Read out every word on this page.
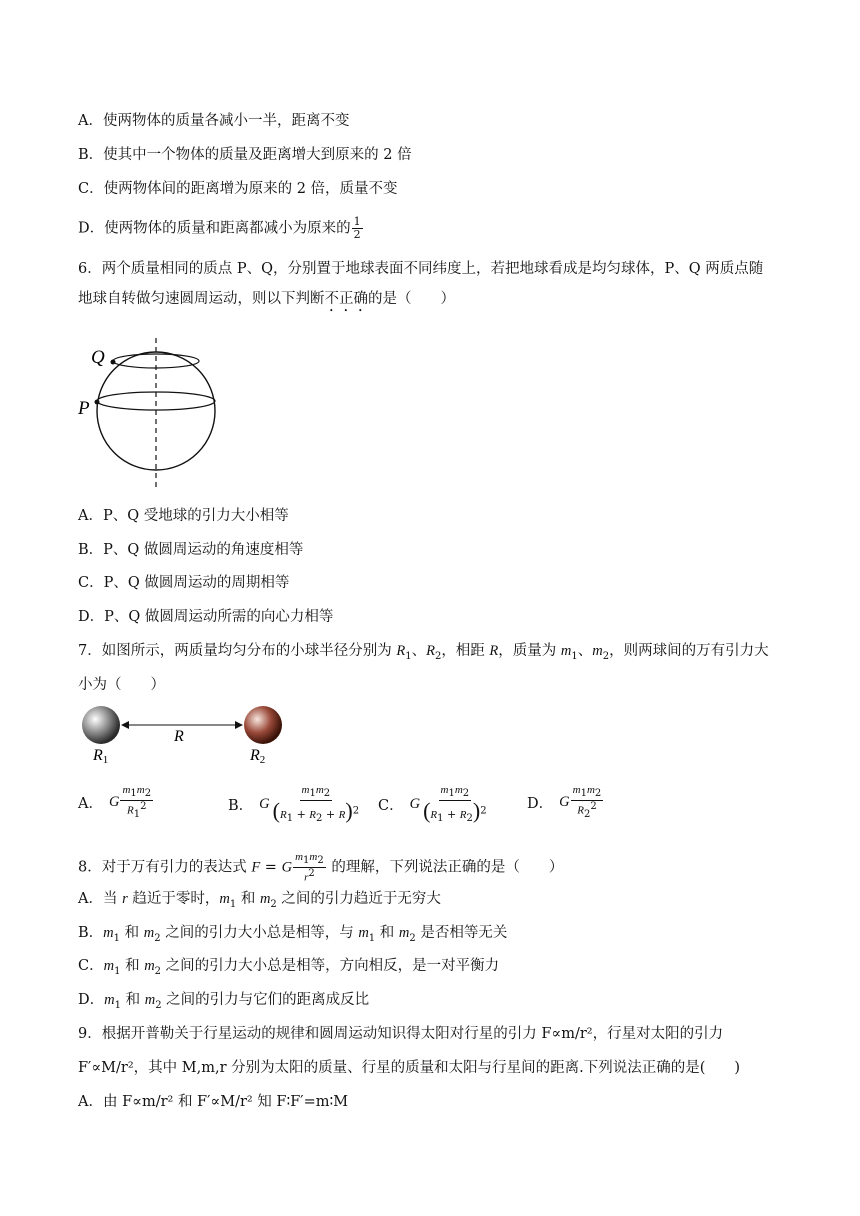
A．使两物体的质量各减小一半，距离不变
B．使其中一个物体的质量及距离增大到原来的 2 倍
C．使两物体间的距离增为原来的 2 倍，质量不变
D．使两物体的质量和距离都减小为原来的 $\frac{1}{2}$
6．两个质量相同的质点 P、Q，分别置于地球表面不同纬度上，若把地球看成是均匀球体，P、Q 两质点随
地球自转做匀速圆周运动，则以下判断不正确的是（　　）
Q
P
A．P、Q 受地球的引力大小相等
B．P、Q 做圆周运动的角速度相等
C．P、Q 做圆周运动的周期相等
D．P、Q 做圆周运动所需的向心力相等
7．如图所示，两质量均匀分布的小球半径分别为 $R_1$、$R_2$，相距 R，质量为 $m_1$、$m_2$，则两球间的万有引力大
小为（　　）
R
R1	R2
A． G $\frac{m_1m_2}{R_1^2}$	B． G $\frac{m_1m_2}{(R_1 + R_2 + R)^2}$ C． G $\frac{m_1m_2}{(R_1 + R_2)^2}$	D． G $\frac{m_1m_2}{R_2^2}$
8．对于万有引力的表达式 F = G $\frac{m_1m_2}{r^2}$ 的理解，下列说法正确的是（　　）
A．当 r 趋近于零时，$m_1$ 和 $m_2$ 之间的引力趋近于无穷大
B．$m_1$ 和 $m_2$ 之间的引力大小总是相等，与 $m_1$ 和 $m_2$ 是否相等无关
C．$m_1$ 和 $m_2$ 之间的引力大小总是相等，方向相反，是一对平衡力
D．$m_1$ 和 $m_2$ 之间的引力与它们的距离成反比
9．根据开普勒关于行星运动的规律和圆周运动知识得太阳对行星的引力 F∝m/r²，行星对太阳的引力
F′∝M/r²，其中 M,m,r 分别为太阳的质量、行星的质量和太阳与行星间的距离.下列说法正确的是(　　)
A．由 F∝m/r² 和 F′∝M/r² 知 F∶F′=m∶M
